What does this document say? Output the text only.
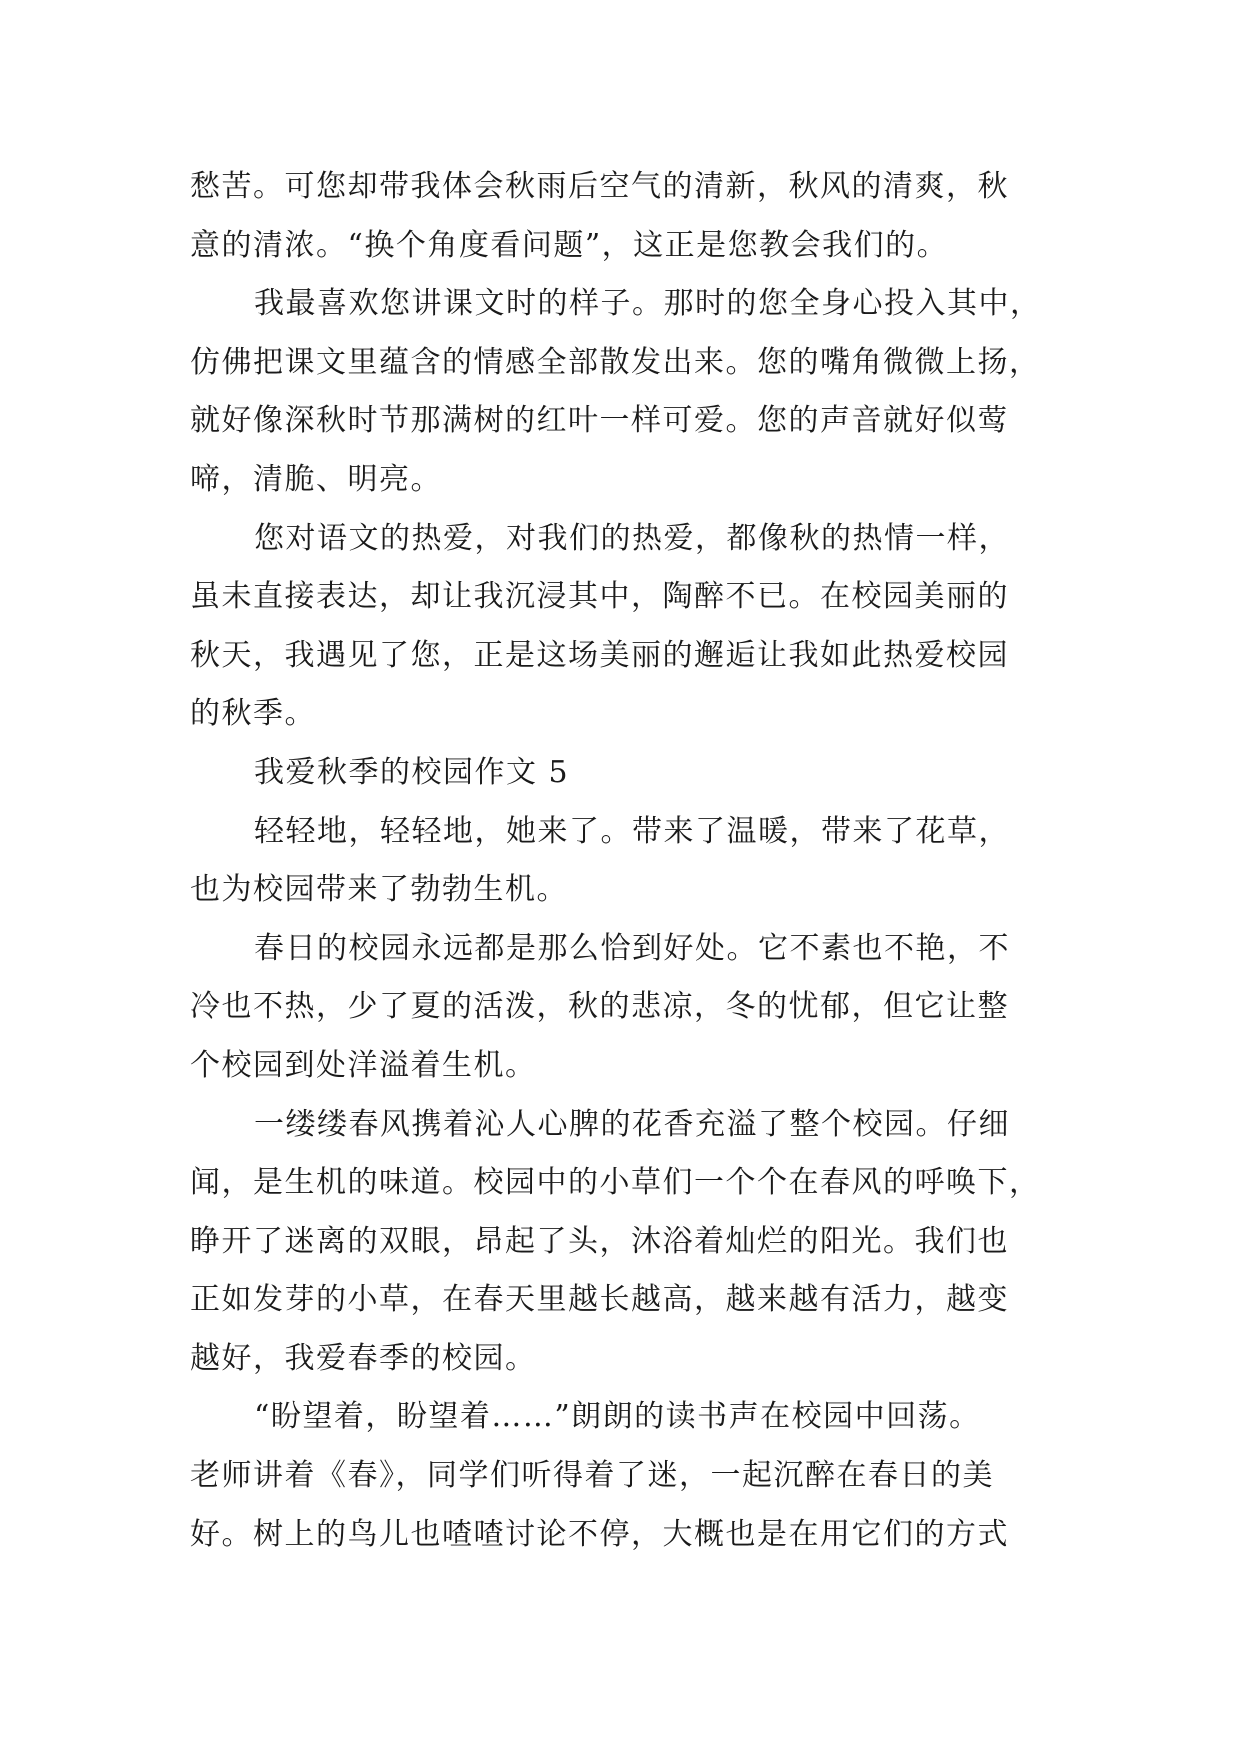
愁苦。可您却带我体会秋雨后空气的清新，秋风的清爽，秋
意的清浓。“换个角度看问题”，这正是您教会我们的。
我最喜欢您讲课文时的样子。那时的您全身心投入其中，
仿佛把课文里蕴含的情感全部散发出来。您的嘴角微微上扬，
就好像深秋时节那满树的红叶一样可爱。您的声音就好似莺
啼，清脆、明亮。
您对语文的热爱，对我们的热爱，都像秋的热情一样，
虽未直接表达，却让我沉浸其中，陶醉不已。在校园美丽的
秋天，我遇见了您，正是这场美丽的邂逅让我如此热爱校园
的秋季。
我爱秋季的校园作文 5
轻轻地，轻轻地，她来了。带来了温暖，带来了花草，
也为校园带来了勃勃生机。
春日的校园永远都是那么恰到好处。它不素也不艳，不
冷也不热，少了夏的活泼，秋的悲凉，冬的忧郁，但它让整
个校园到处洋溢着生机。
一缕缕春风携着沁人心脾的花香充溢了整个校园。仔细
闻，是生机的味道。校园中的小草们一个个在春风的呼唤下，
睁开了迷离的双眼，昂起了头，沐浴着灿烂的阳光。我们也
正如发芽的小草，在春天里越长越高，越来越有活力，越变
越好，我爱春季的校园。
“盼望着，盼望着……”朗朗的读书声在校园中回荡。
老师讲着《春》，同学们听得着了迷，一起沉醉在春日的美
好。树上的鸟儿也喳喳讨论不停，大概也是在用它们的方式
